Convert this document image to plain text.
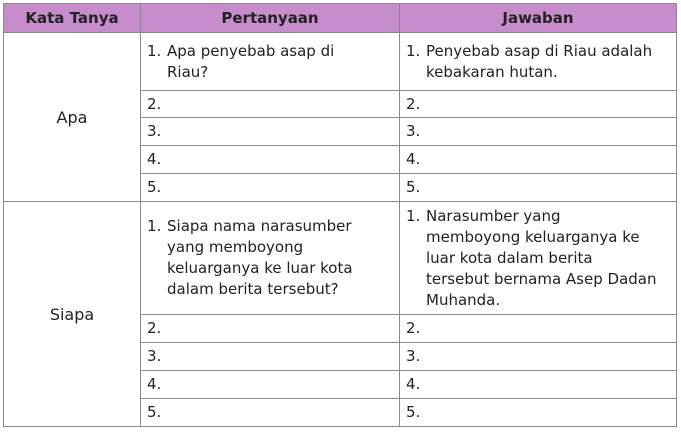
Kata Tanya	Pertanyaan	Jawaban
Apa	1. Apa penyebab asap di Riau?	1. Penyebab asap di Riau adalah kebakaran hutan.

	2.	2.
	3.	3.
	4.	4.
	5.	5.
Siapa	1. Siapa nama narasumber yang memboyong keluarganya ke luar kota dalam berita tersebut?	1. Narasumber yang memboyong keluarganya ke luar kota dalam berita tersebut bernama Asep Dadan Muhanda.

	2.	2.
	3.	3.
	4.	4.
	5.	5.
